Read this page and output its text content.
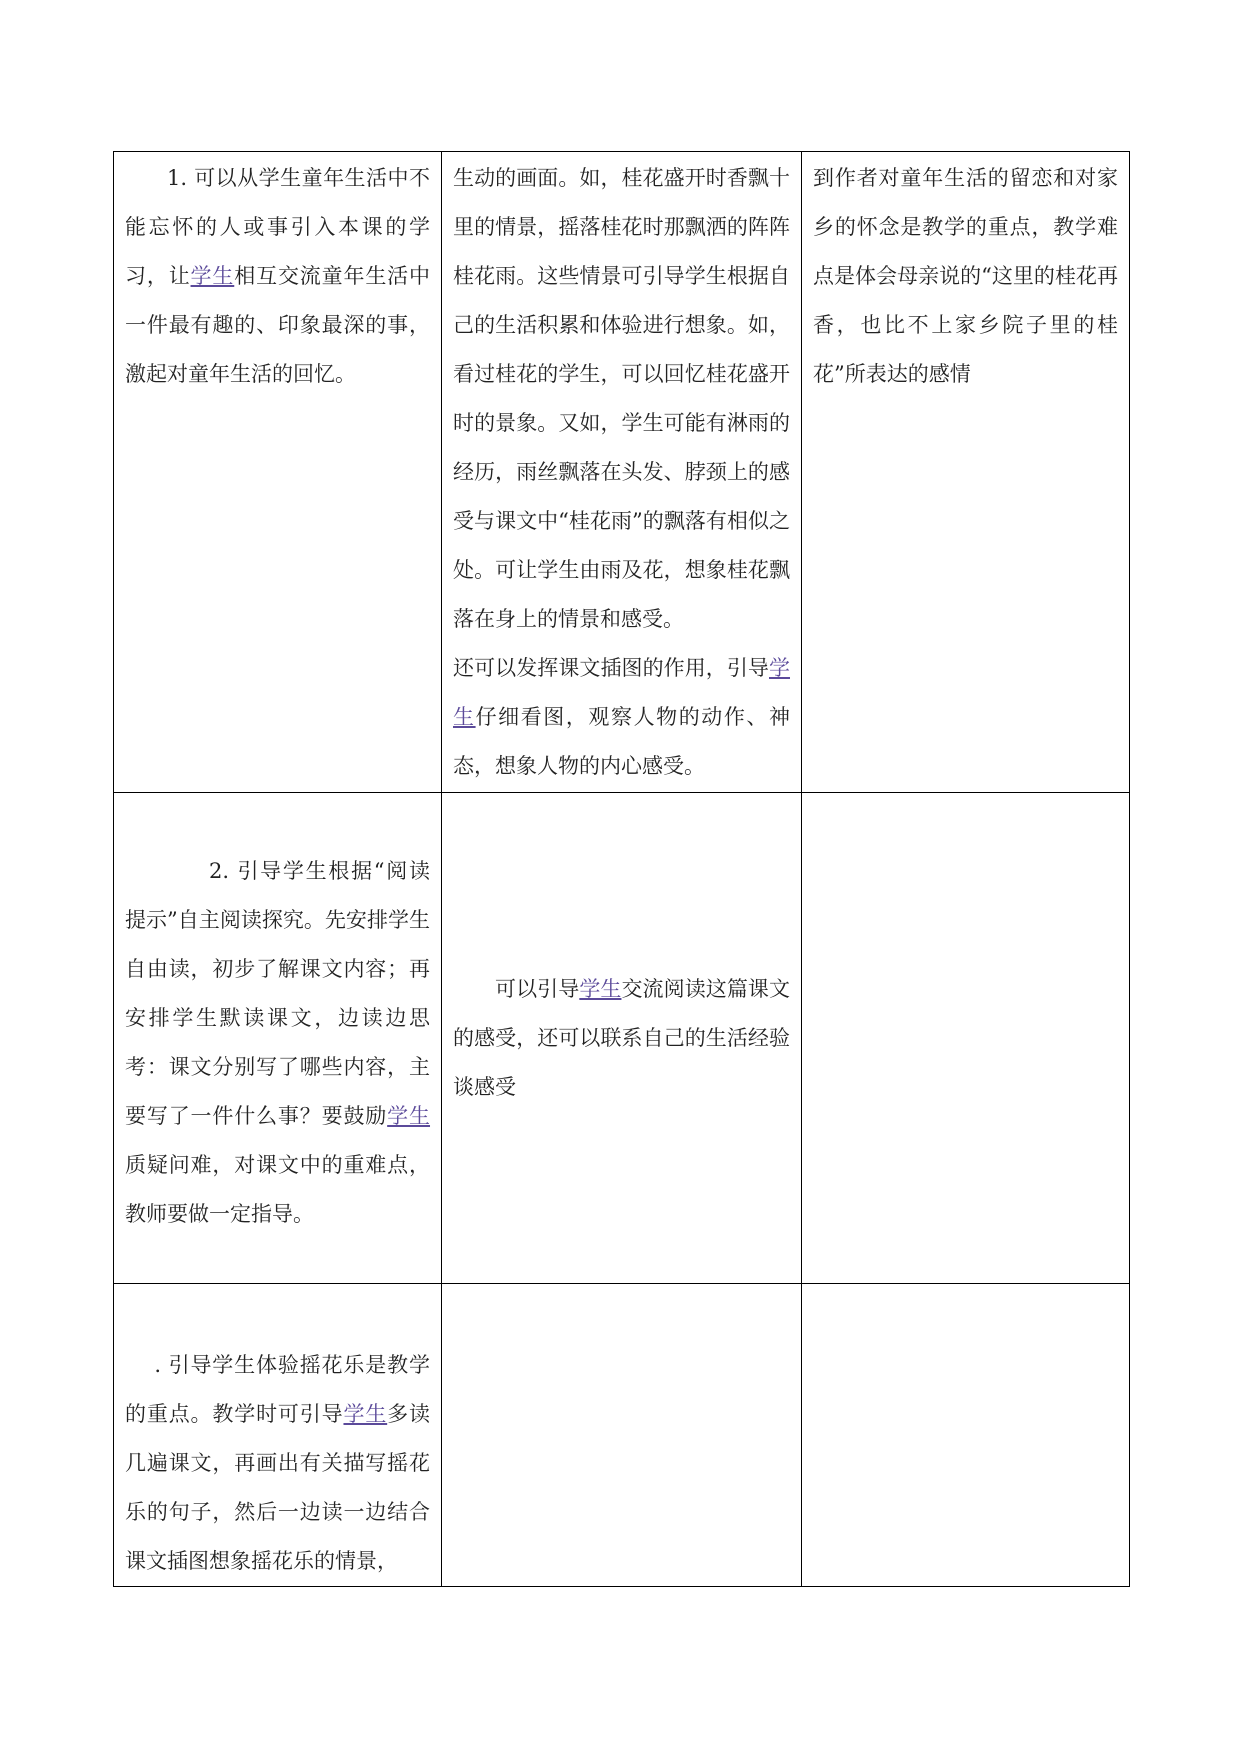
1. 可以从学生童年生活中不能忘怀的人或事引入本课的学习，让学生相互交流童年生活中一件最有趣的、印象最深的事，激起对童年生活的回忆。	生动的画面。如，桂花盛开时香飘十里的情景，摇落桂花时那飘洒的阵阵桂花雨。这些情景可引导学生根据自己的生活积累和体验进行想象。如，看过桂花的学生，可以回忆桂花盛开时的景象。又如，学生可能有淋雨的经历，雨丝飘落在头发、脖颈上的感受与课文中“桂花雨”的飘落有相似之处。可让学生由雨及花，想象桂花飘落在身上的情景和感受。

还可以发挥课文插图的作用，引导学生仔细看图，观察人物的动作、神态，想象人物的内心感受。	到作者对童年生活的留恋和对家乡的怀念是教学的重点，教学难点是体会母亲说的“这里的桂花再香，也比不上家乡院子里的桂花”所表达的感情

2. 引导学生根据“阅读提示”自主阅读探究。先安排学生自由读，初步了解课文内容；再安排学生默读课文，边读边思考：课文分别写了哪些内容，主要写了一件什么事？要鼓励学生质疑问难，对课文中的重难点，教师要做一定指导。	可以引导学生交流阅读这篇课文的感受，还可以联系自己的生活经验谈感受	

. 引导学生体验摇花乐是教学的重点。教学时可引导学生多读几遍课文，再画出有关描写摇花乐的句子，然后一边读一边结合课文插图想象摇花乐的情景，		
